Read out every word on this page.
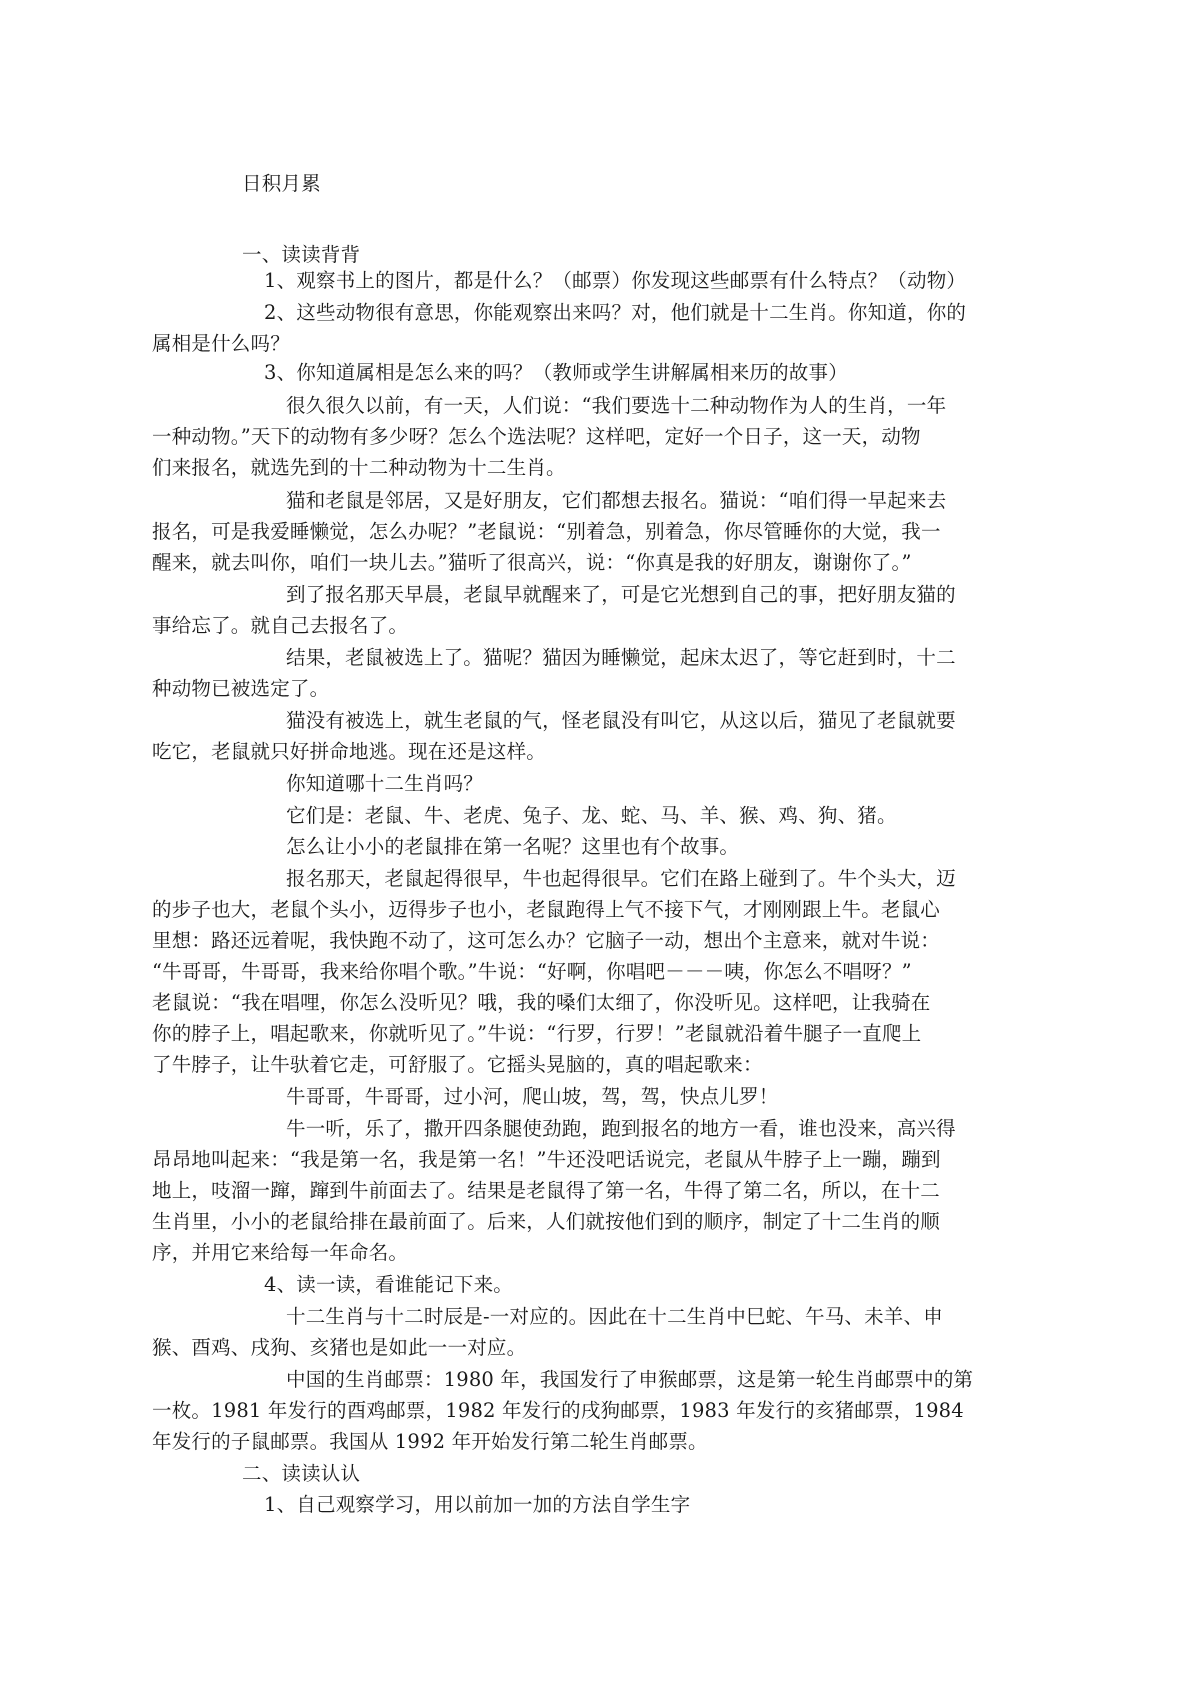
日积月累
一、读读背背
1、观察书上的图片，都是什么？（邮票）你发现这些邮票有什么特点？（动物）
2、这些动物很有意思，你能观察出来吗？对，他们就是十二生肖。你知道，你的
属相是什么吗？
3、你知道属相是怎么来的吗？（教师或学生讲解属相来历的故事）
很久很久以前，有一天，人们说：“我们要选十二种动物作为人的生肖，一年
一种动物。”天下的动物有多少呀？怎么个选法呢？这样吧，定好一个日子，这一天，动物
们来报名，就选先到的十二种动物为十二生肖。
猫和老鼠是邻居，又是好朋友，它们都想去报名。猫说：“咱们得一早起来去
报名，可是我爱睡懒觉，怎么办呢？”老鼠说：“别着急，别着急，你尽管睡你的大觉，我一
醒来，就去叫你，咱们一块儿去。”猫听了很高兴，说：“你真是我的好朋友，谢谢你了。”
到了报名那天早晨，老鼠早就醒来了，可是它光想到自己的事，把好朋友猫的
事给忘了。就自己去报名了。
结果，老鼠被选上了。猫呢？猫因为睡懒觉，起床太迟了，等它赶到时，十二
种动物已被选定了。
猫没有被选上，就生老鼠的气，怪老鼠没有叫它，从这以后，猫见了老鼠就要
吃它，老鼠就只好拼命地逃。现在还是这样。
你知道哪十二生肖吗？
它们是：老鼠、牛、老虎、兔子、龙、蛇、马、羊、猴、鸡、狗、猪。
怎么让小小的老鼠排在第一名呢？这里也有个故事。
报名那天，老鼠起得很早，牛也起得很早。它们在路上碰到了。牛个头大，迈
的步子也大，老鼠个头小，迈得步子也小，老鼠跑得上气不接下气，才刚刚跟上牛。老鼠心
里想：路还远着呢，我快跑不动了，这可怎么办？它脑子一动，想出个主意来，就对牛说：
“牛哥哥，牛哥哥，我来给你唱个歌。”牛说：“好啊，你唱吧－－－咦，你怎么不唱呀？”
老鼠说：“我在唱哩，你怎么没听见？哦，我的嗓们太细了，你没听见。这样吧，让我骑在
你的脖子上，唱起歌来，你就听见了。”牛说：“行罗，行罗！”老鼠就沿着牛腿子一直爬上
了牛脖子，让牛驮着它走，可舒服了。它摇头晃脑的，真的唱起歌来：
牛哥哥，牛哥哥，过小河，爬山坡，驾，驾，快点儿罗！
牛一听，乐了，撒开四条腿使劲跑，跑到报名的地方一看，谁也没来，高兴得
昂昂地叫起来：“我是第一名，我是第一名！”牛还没吧话说完，老鼠从牛脖子上一蹦，蹦到
地上，吱溜一蹿，蹿到牛前面去了。结果是老鼠得了第一名，牛得了第二名，所以，在十二
生肖里，小小的老鼠给排在最前面了。后来，人们就按他们到的顺序，制定了十二生肖的顺
序，并用它来给每一年命名。
4、读一读，看谁能记下来。
十二生肖与十二时辰是-一对应的。因此在十二生肖中巳蛇、午马、未羊、申
猴、酉鸡、戌狗、亥猪也是如此一一对应。
中国的生肖邮票：1980 年，我国发行了申猴邮票，这是第一轮生肖邮票中的第
一枚。1981 年发行的酉鸡邮票，1982 年发行的戌狗邮票，1983 年发行的亥猪邮票，1984
年发行的子鼠邮票。我国从 1992 年开始发行第二轮生肖邮票。
二、读读认认
1、自己观察学习，用以前加一加的方法自学生字
